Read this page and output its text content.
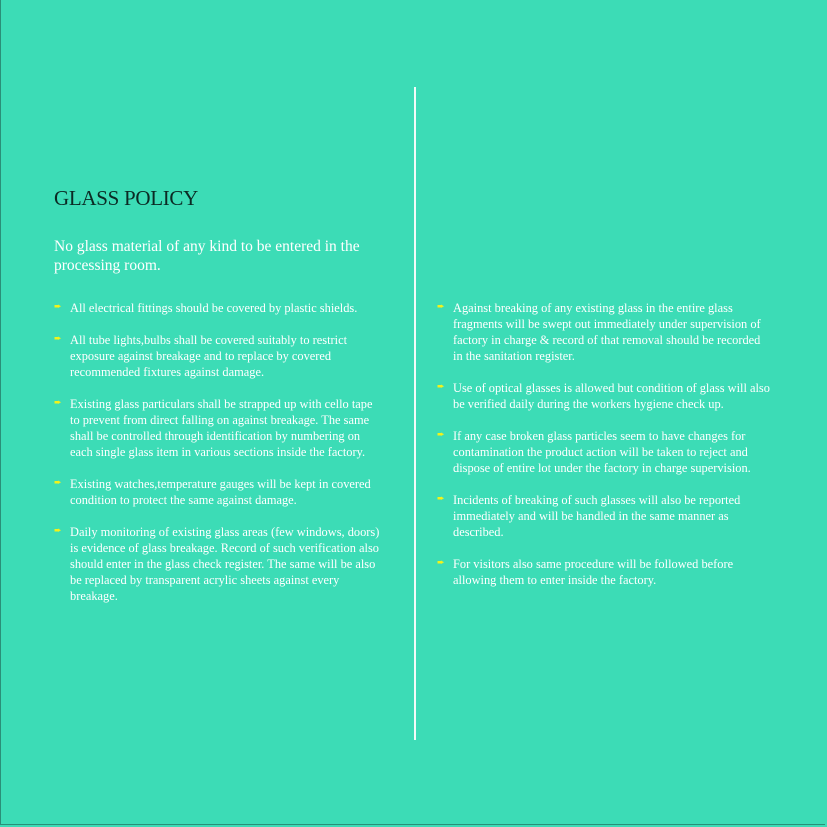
GLASS POLICY

No glass material of any kind to be entered in the processing room.

➨ All electrical fittings should be covered by plastic shields.
➨ All tube lights,bulbs shall be covered suitably to restrict exposure against breakage and to replace by covered recommended fixtures against damage.
➨ Existing glass particulars shall be strapped up with cello tape to prevent from direct falling on against breakage. The same shall be controlled through identification by numbering on each single glass item in various sections inside the factory.
➨ Existing watches,temperature gauges will be kept in covered condition to protect the same against damage.
➨ Daily monitoring of existing glass areas (few windows, doors) is evidence of glass breakage. Record of such verification also should enter in the glass check register. The same will be also be replaced by transparent acrylic sheets against every breakage.
➨ Against breaking of any existing glass in the entire glass fragments will be swept out immediately under supervision of factory in charge & record of that removal should be recorded in the sanitation register.
➨ Use of optical glasses is allowed but condition of glass will also be verified daily during the workers hygiene check up.
➨ If any case broken glass particles seem to have changes for contamination the product action will be taken to reject and dispose of entire lot under the factory in charge supervision.
➨ Incidents of breaking of such glasses will also be reported immediately and will be handled in the same manner as described.
➨ For visitors also same procedure will be followed before allowing them to enter inside the factory.
